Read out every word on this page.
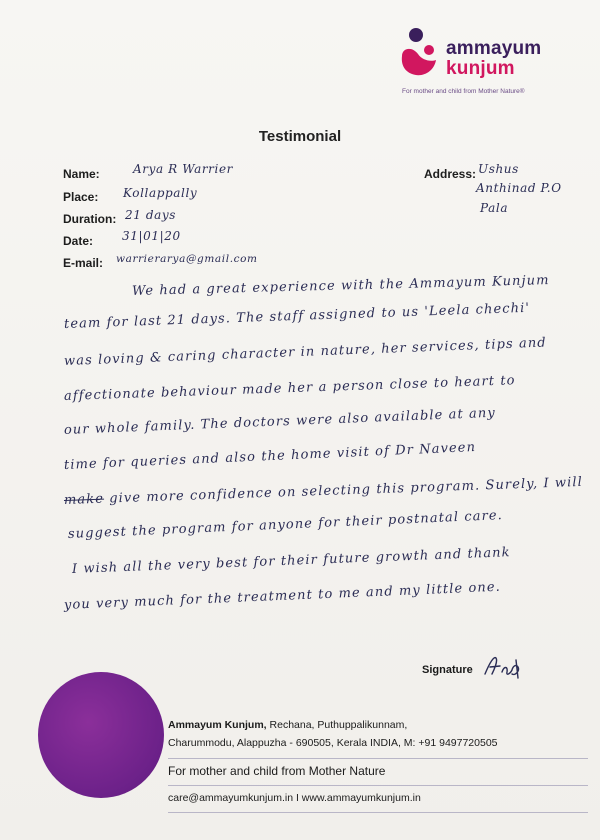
ammayum
kunjum
For mother and child from Mother Nature®
Testimonial
Name:	Arya R Warrier
Place: Kollappally
Duration: 21 days
Date: 31|01|20
E-mail: warrierarya@gmail.com
Address: Ushus
Anthinad P.O
Pala
We had a great experience with the Ammayum Kunjum
team for last 21 days. The staff assigned to us 'Leela chechi'
was loving & caring character in nature, her services, tips and
affectionate behaviour made her a person close to heart to
our whole family. The doctors were also available at any
time for queries and also the home visit of Dr Naveen
make give more confidence on selecting this program. Surely, I will
suggest the program for anyone for their postnatal care.
I wish all the very best for their future growth and thank
you very much for the treatment to me and my little one.
Signature
Ammayum Kunjum, Rechana, Puthuppalikunnam,
Charummodu, Alappuzha - 690505, Kerala INDIA, M: +91 9497720505
For mother and child from Mother Nature
care@ammayumkunjum.in I www.ammayumkunjum.in
